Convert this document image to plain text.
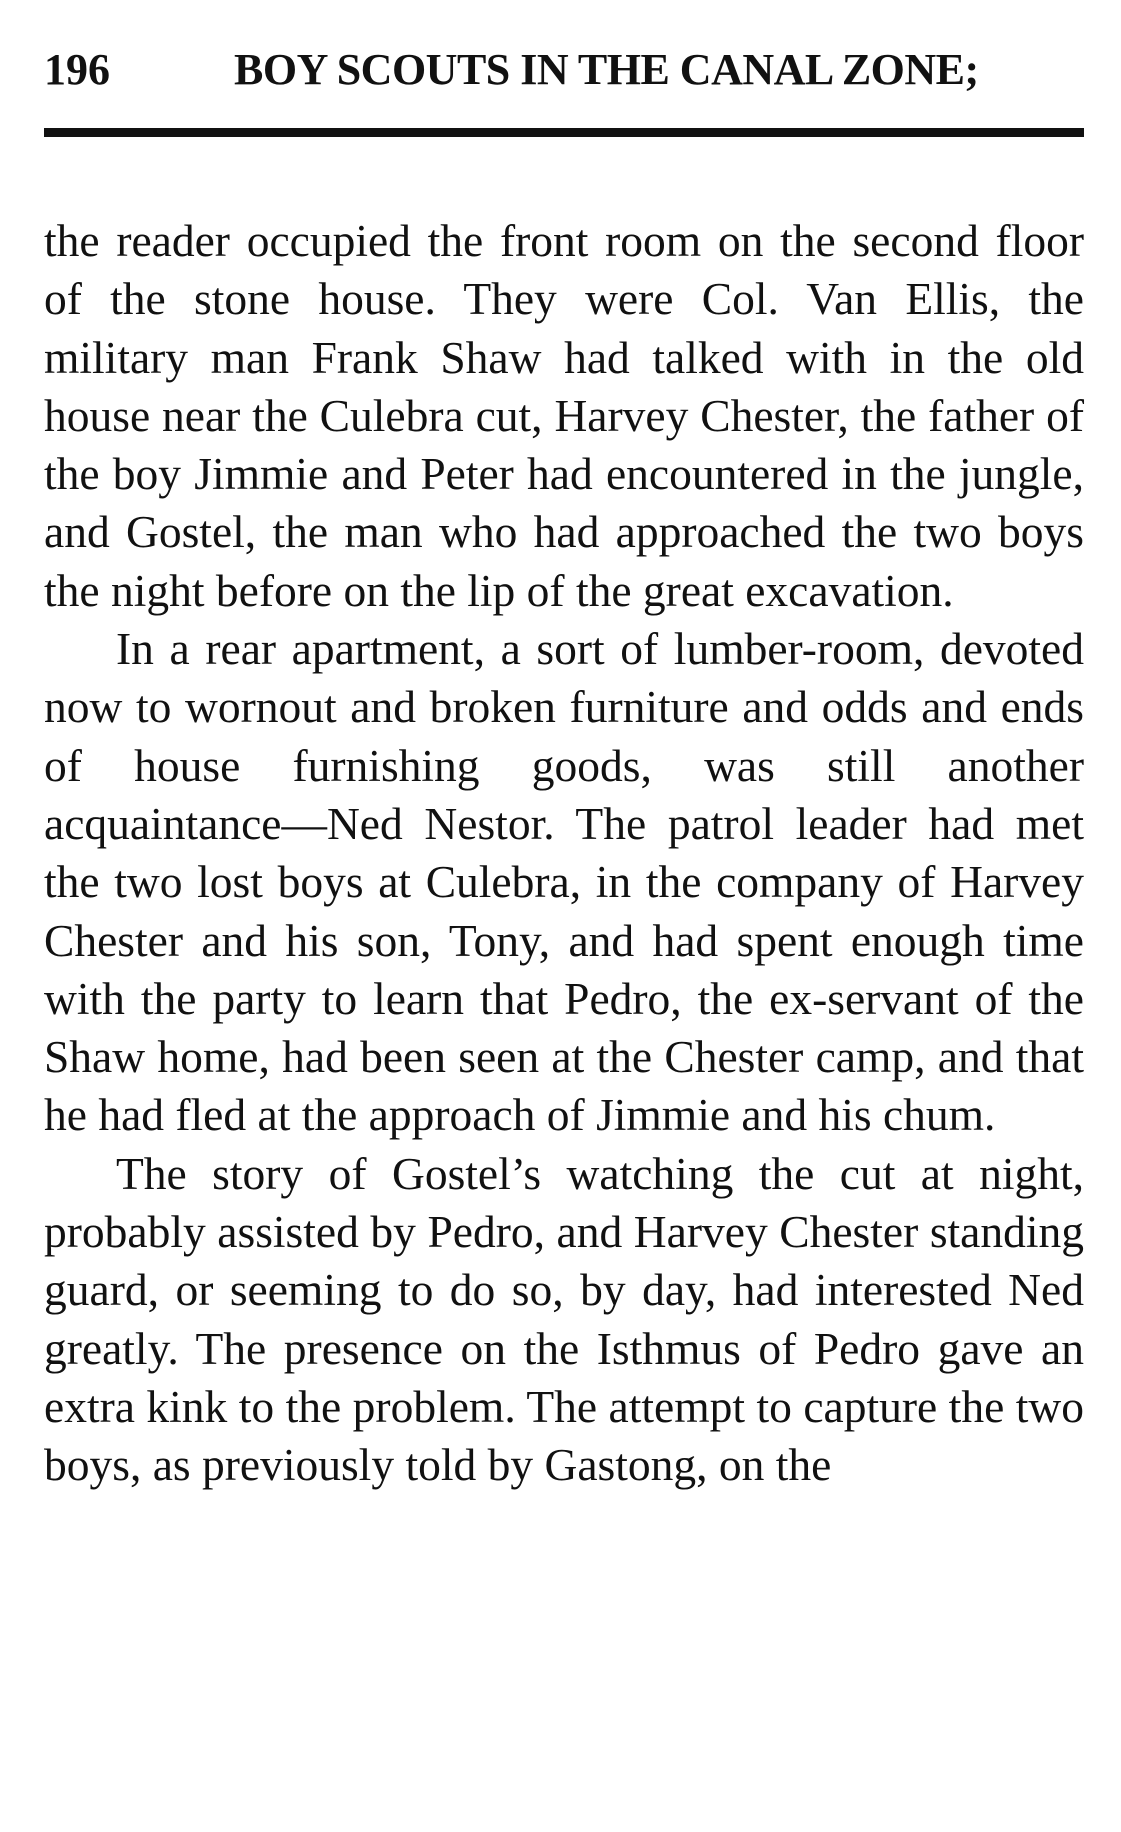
196	BOY SCOUTS IN THE CANAL ZONE;

the reader occupied the front room on the second floor of the stone house. They were Col. Van Ellis, the military man Frank Shaw had talked with in the old house near the Culebra cut, Harvey Chester, the father of the boy Jimmie and Peter had encountered in the jungle, and Gostel, the man who had approached the two boys the night before on the lip of the great excavation.

In a rear apartment, a sort of lumber-room, devoted now to wornout and broken furniture and odds and ends of house furnishing goods, was still another acquaintance—Ned Nestor. The patrol leader had met the two lost boys at Culebra, in the company of Harvey Chester and his son, Tony, and had spent enough time with the party to learn that Pedro, the ex-servant of the Shaw home, had been seen at the Chester camp, and that he had fled at the approach of Jimmie and his chum.

The story of Gostel’s watching the cut at night, probably assisted by Pedro, and Harvey Chester standing guard, or seeming to do so, by day, had interested Ned greatly. The presence on the Isthmus of Pedro gave an extra kink to the problem. The attempt to capture the two boys, as previously told by Gastong, on the
